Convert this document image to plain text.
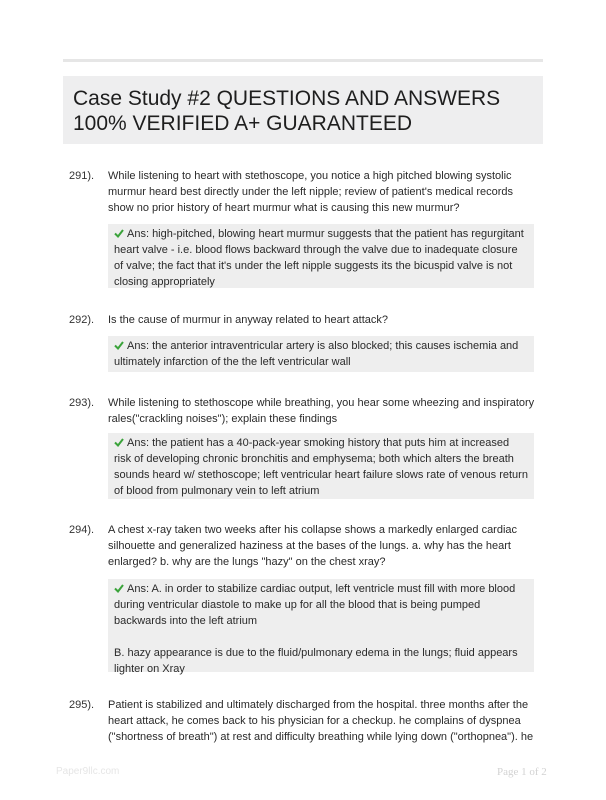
Case Study #2 QUESTIONS AND ANSWERS
100% VERIFIED A+ GUARANTEED
291). While listening to heart with stethoscope, you notice a high pitched blowing systolic murmur heard best directly under the left nipple; review of patient's medical records show no prior history of heart murmur what is causing this new murmur?
Ans: high-pitched, blowing heart murmur suggests that the patient has regurgitant heart valve - i.e. blood flows backward through the valve due to inadequate closure of valve; the fact that it's under the left nipple suggests its the bicuspid valve is not closing appropriately
292). Is the cause of murmur in anyway related to heart attack?
Ans: the anterior intraventricular artery is also blocked; this causes ischemia and ultimately infarction of the the left ventricular wall
293). While listening to stethoscope while breathing, you hear some wheezing and inspiratory rales("crackling noises"); explain these findings
Ans: the patient has a 40-pack-year smoking history that puts him at increased risk of developing chronic bronchitis and emphysema; both which alters the breath sounds heard w/ stethoscope; left ventricular heart failure slows rate of venous return of blood from pulmonary vein to left atrium
294). A chest x-ray taken two weeks after his collapse shows a markedly enlarged cardiac silhouette and generalized haziness at the bases of the lungs. a. why has the heart enlarged? b. why are the lungs "hazy" on the chest xray?
Ans: A. in order to stabilize cardiac output, left ventricle must fill with more blood during ventricular diastole to make up for all the blood that is being pumped backwards into the left atrium
B. hazy appearance is due to the fluid/pulmonary edema in the lungs; fluid appears lighter on Xray
295). Patient is stabilized and ultimately discharged from the hospital. three months after the heart attack, he comes back to his physician for a checkup. he complains of dyspnea ("shortness of breath") at rest and difficulty breathing while lying down ("orthopnea"). he
Paper9llc.com	Page 1 of 2
